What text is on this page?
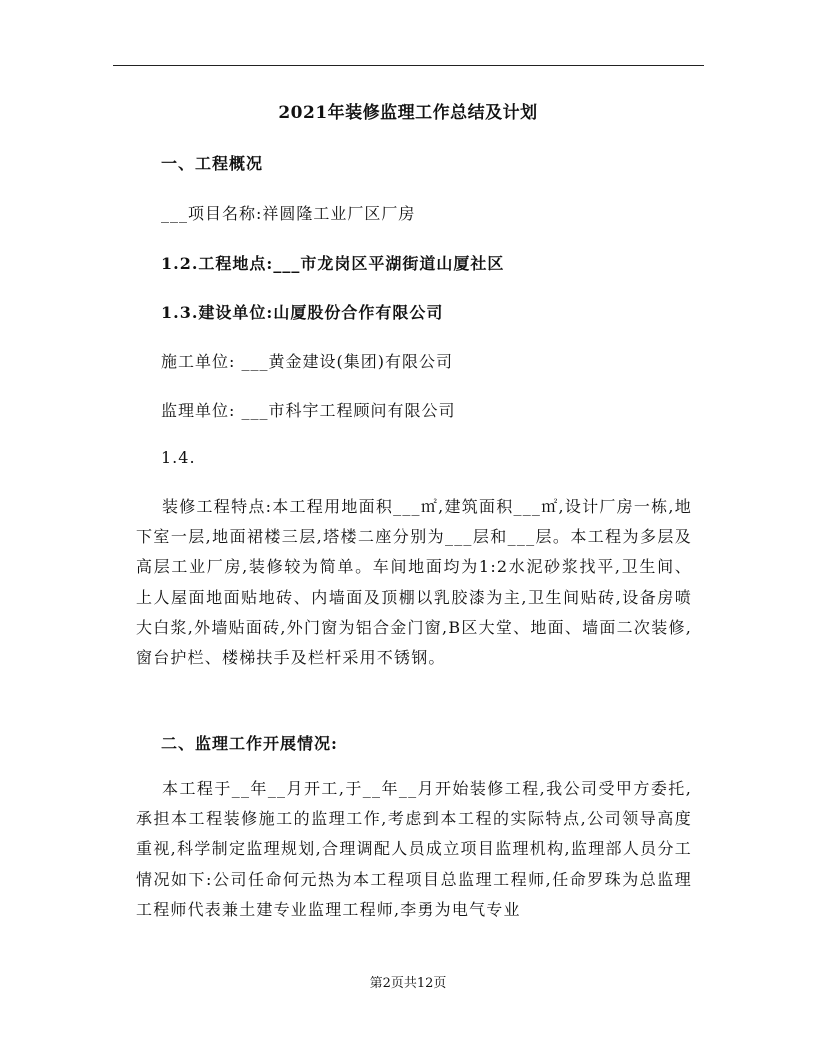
2021年装修监理工作总结及计划
一、工程概况
___项目名称:祥圆隆工业厂区厂房
1.2.工程地点:___市龙岗区平湖街道山厦社区
1.3.建设单位:山厦股份合作有限公司
施工单位: ___黄金建设(集团)有限公司
监理单位: ___市科宇工程顾问有限公司
1.4.

装修工程特点:本工程用地面积___㎡,建筑面积___㎡,设计厂房一栋,地下室一层,地面裙楼三层,塔楼二座分别为___层和___层。本工程为多层及高层工业厂房,装修较为简单。车间地面均为1:2水泥砂浆找平,卫生间、上人屋面地面贴地砖、内墙面及顶棚以乳胶漆为主,卫生间贴砖,设备房喷大白浆,外墙贴面砖,外门窗为铝合金门窗,B区大堂、地面、墙面二次装修,窗台护栏、楼梯扶手及栏杆采用不锈钢。

二、监理工作开展情况:

本工程于__年__月开工,于__年__月开始装修工程,我公司受甲方委托,承担本工程装修施工的监理工作,考虑到本工程的实际特点,公司领导高度重视,科学制定监理规划,合理调配人员成立项目监理机构,监理部人员分工情况如下:公司任命何元热为本工程项目总监理工程师,任命罗珠为总监理工程师代表兼土建专业监理工程师,李勇为电气专业

第2页共12页
